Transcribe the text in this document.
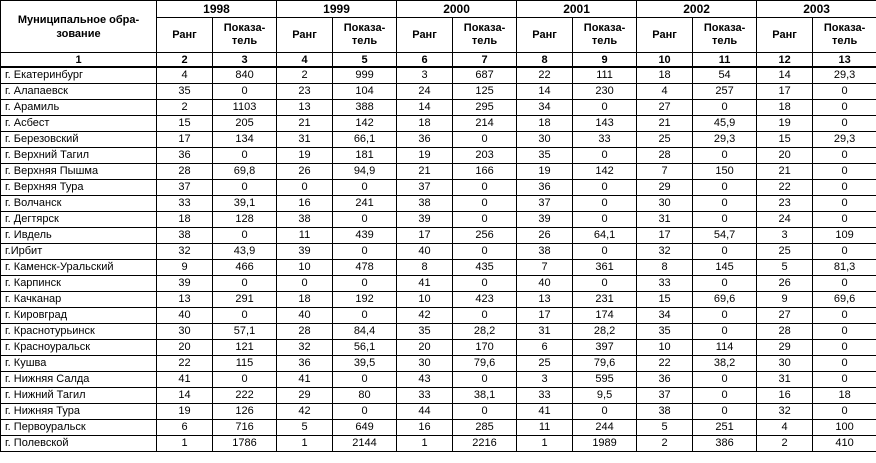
Муниципальное обра-зование	1998		1999		2000		2001		2002		2003	
	Ранг	Показа-тель	Ранг	Показа-тель	Ранг	Показа-тель	Ранг	Показа-тель	Ранг	Показа-тель	Ранг	Показа-тель
1	2	3	4	5	6	7	8	9	10	11	12	13
г. Екатеринбург	4	840	2	999	3	687	22	111	18	54	14	29,3
г. Алапаевск	35	0	23	104	24	125	14	230	4	257	17	0
г. Арамиль	2	1103	13	388	14	295	34	0	27	0	18	0
г. Асбест	15	205	21	142	18	214	18	143	21	45,9	19	0
г. Березовский	17	134	31	66,1	36	0	30	33	25	29,3	15	29,3
г. Верхний Тагил	36	0	19	181	19	203	35	0	28	0	20	0
г. Верхняя Пышма	28	69,8	26	94,9	21	166	19	142	7	150	21	0
г. Верхняя Тура	37	0	0	0	37	0	36	0	29	0	22	0
г. Волчанск	33	39,1	16	241	38	0	37	0	30	0	23	0
г. Дегтярск	18	128	38	0	39	0	39	0	31	0	24	0
г. Ивдель	38	0	11	439	17	256	26	64,1	17	54,7	3	109
г.Ирбит	32	43,9	39	0	40	0	38	0	32	0	25	0
г. Каменск-Уральский	9	466	10	478	8	435	7	361	8	145	5	81,3
г. Карпинск	39	0	0	0	41	0	40	0	33	0	26	0
г. Качканар	13	291	18	192	10	423	13	231	15	69,6	9	69,6
г. Кировград	40	0	40	0	42	0	17	174	34	0	27	0
г. Краснотурьинск	30	57,1	28	84,4	35	28,2	31	28,2	35	0	28	0
г. Красноуральск	20	121	32	56,1	20	170	6	397	10	114	29	0
г. Кушва	22	115	36	39,5	30	79,6	25	79,6	22	38,2	30	0
г. Нижняя Салда	41	0	41	0	43	0	3	595	36	0	31	0
г. Нижний Тагил	14	222	29	80	33	38,1	33	9,5	37	0	16	18
г. Нижняя Тура	19	126	42	0	44	0	41	0	38	0	32	0
г. Первоуральск	6	716	5	649	16	285	11	244	5	251	4	100
г. Полевской	1	1786	1	2144	1	2216	1	1989	2	386	2	410
